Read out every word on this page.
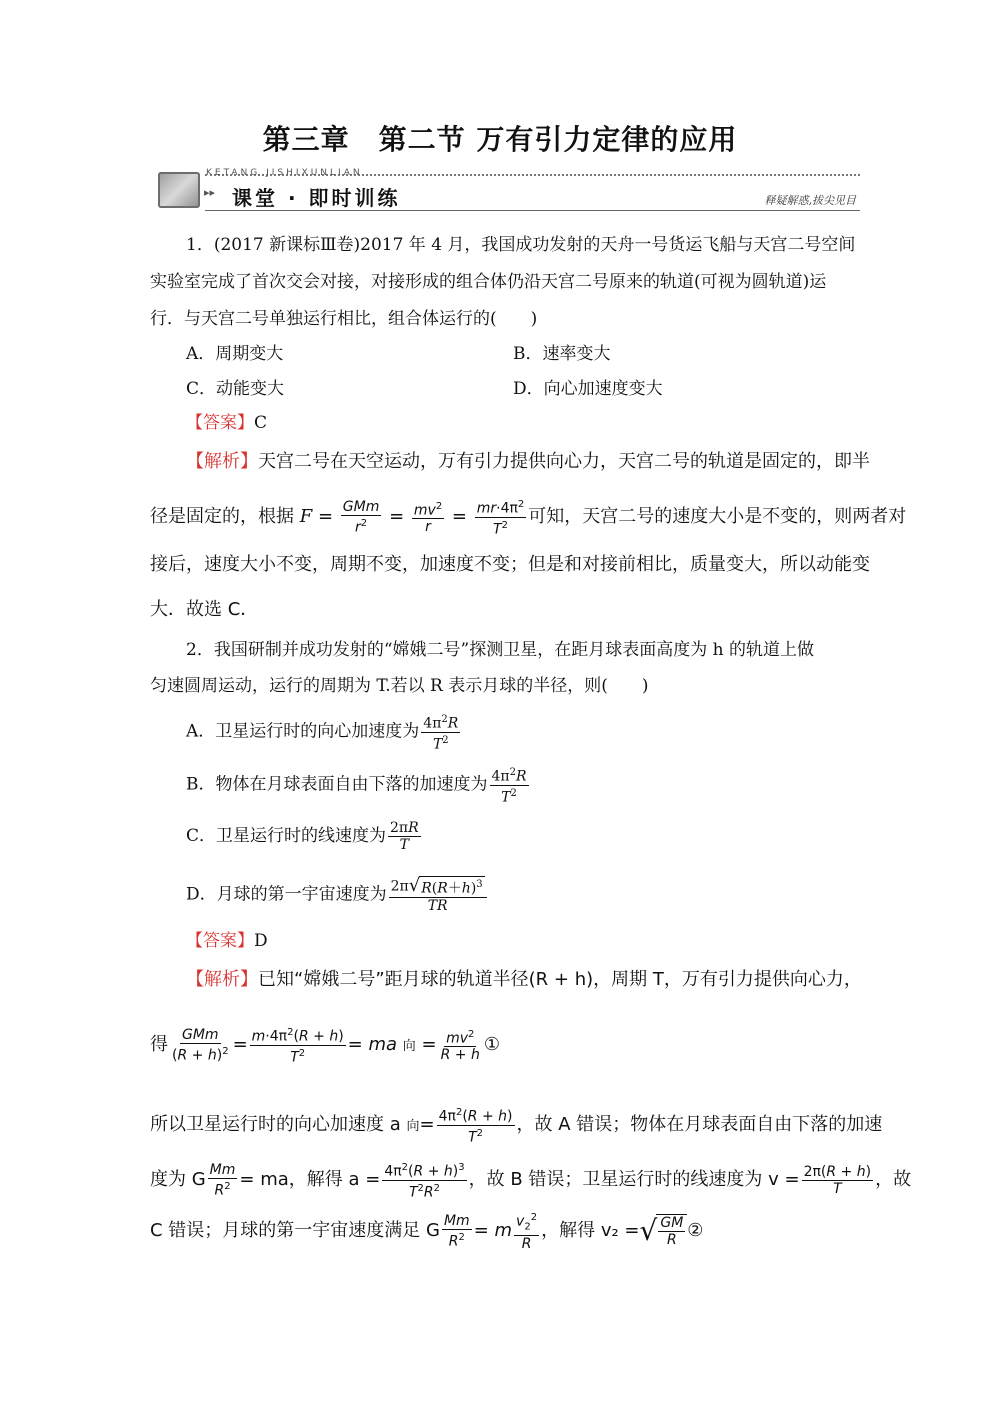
第三章　第二节 万有引力定律的应用
KETANG JISHIXUNLIAN
▸▸ 课堂 · 即时训练	释疑解惑,拔尖见目
1．(2017 新课标Ⅲ卷)2017 年 4 月，我国成功发射的天舟一号货运飞船与天宫二号空间
实验室完成了首次交会对接，对接形成的组合体仍沿天宫二号原来的轨道(可视为圆轨道)运
行．与天宫二号单独运行相比，组合体运行的(　　)
A．周期变大	B．速率变大
C．动能变大	D．向心加速度变大
【答案】C
【解析】天宫二号在天空运动，万有引力提供向心力，天宫二号的轨道是固定的，即半
径是固定的，根据 $F = \frac{\text{GMm}}{r^2} = \frac{mv^2}{r} = \frac{mr\cdot 4\pi^2}{T^2}$ 可知，天宫二号的速度大小是不变的，则两者对
接后，速度大小不变，周期不变，加速度不变；但是和对接前相比，质量变大，所以动能变
大．故选 C．
2．我国研制并成功发射的“嫦娥二号”探测卫星，在距月球表面高度为 h 的轨道上做
匀速圆周运动，运行的周期为 T.若以 R 表示月球的半径，则(　　)
A．卫星运行时的向心加速度为 $\frac{4\pi^2R}{T^2}$
B．物体在月球表面自由下落的加速度为 $\frac{4\pi^2R}{T^2}$
C．卫星运行时的线速度为 $\frac{2\pi R}{T}$
D．月球的第一宇宙速度为 $\frac{2\pi √ R(R+h)^3}{TR}$
【答案】D
【解析】已知“嫦娥二号”距月球的轨道半径(R + h)，周期 T，万有引力提供向心力，
得 $\frac{\text{GMm}}{(R + h)^2} = \frac{m\cdot 4\pi^2(R + h)}{T^2}$ = ma 向 = $\frac{mv^2}{R + h}$ ①
所以卫星运行时的向心加速度 a 向= $\frac{4\pi^2(R + h)}{T^2}$ ，故 A 错误；物体在月球表面自由下落的加速
度为 G $\frac{Mm}{R^2}$ = ma，解得 $a = \frac{4\pi^2(R + h)^3}{T^2R^2}$ ，故 B 错误；卫星运行时的线速度为 $v = \frac{2\pi(R + h)}{T}$ ，故
C 错误；月球的第一宇宙速度满足 G $\frac{Mm}{R^2} = m \frac{v_2^2}{R}$ ，解得 v₂ = √ $\frac{GM}{R}$ ②
